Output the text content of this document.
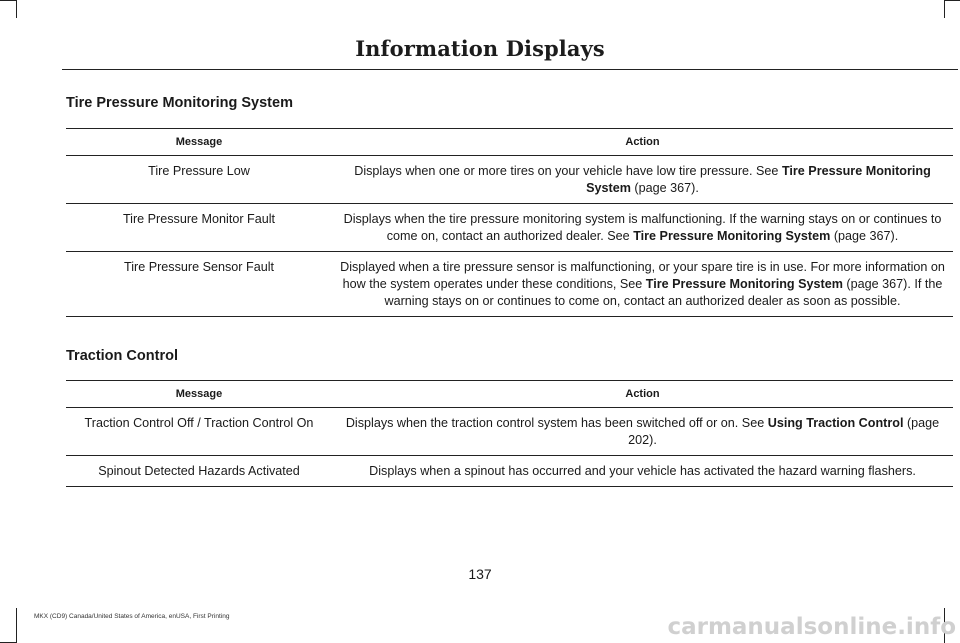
Information Displays
Tire Pressure Monitoring System
Message	Action
Tire Pressure Low	Displays when one or more tires on your vehicle have low tire pressure. See Tire Pressure Monitoring System (page 367).
Tire Pressure Monitor Fault	Displays when the tire pressure monitoring system is malfunctioning. If the warning stays on or continues to come on, contact an authorized dealer. See Tire Pressure Monitoring System (page 367).
Tire Pressure Sensor Fault	Displayed when a tire pressure sensor is malfunctioning, or your spare tire is in use. For more information on how the system operates under these conditions, See Tire Pressure Monitoring System (page 367). If the warning stays on or continues to come on, contact an authorized dealer as soon as possible.
Traction Control
Message	Action
Traction Control Off / Traction Control On	Displays when the traction control system has been switched off or on. See Using Traction Control (page 202).
Spinout Detected Hazards Activated	Displays when a spinout has occurred and your vehicle has activated the hazard warning flashers.
137
MKX (CD9) Canada/United States of America, enUSA, First Printing	carmanualsonline.info
